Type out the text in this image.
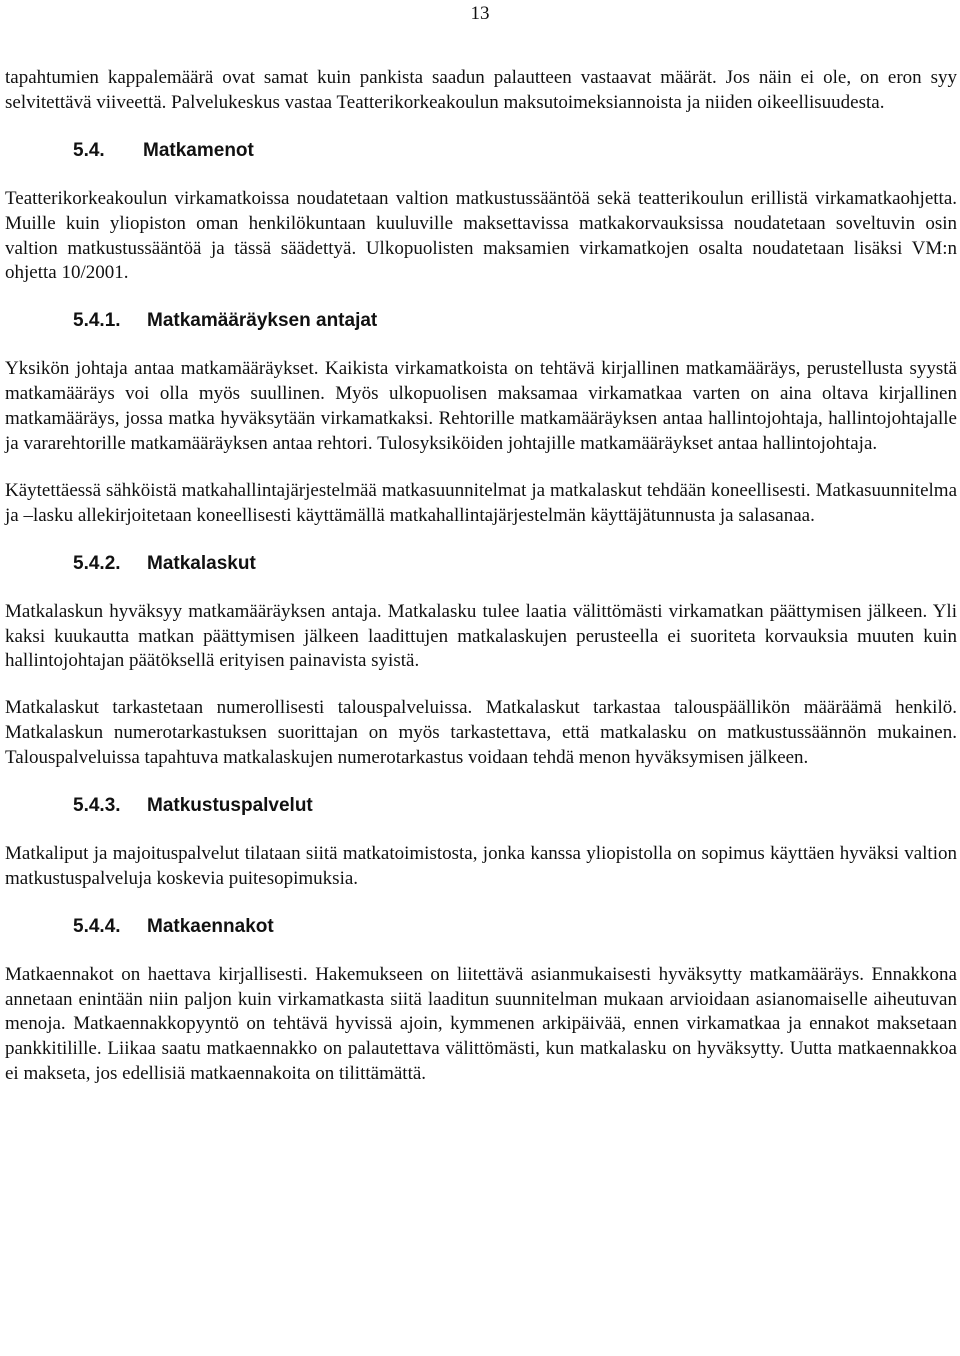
13

tapahtumien kappalemäärä ovat samat kuin pankista saadun palautteen vastaavat määrät. Jos näin ei ole, on eron syy selvitettävä viiveettä. Palvelukeskus vastaa Teatterikorkeakoulun maksutoimeksiannoista ja niiden oikeellisuudesta.

5.4.	Matkamenot

Teatterikorkeakoulun virkamatkoissa noudatetaan valtion matkustussääntöä sekä teatterikoulun erillistä virkamatkaohjetta. Muille kuin yliopiston oman henkilökuntaan kuuluville maksettavissa matkakorvauksissa noudatetaan soveltuvin osin valtion matkustussääntöä ja tässä säädettyä. Ulkopuolisten maksamien virkamatkojen osalta noudatetaan lisäksi VM:n ohjetta 10/2001.

5.4.1.	Matkamääräyksen antajat

Yksikön johtaja antaa matkamääräykset. Kaikista virkamatkoista on tehtävä kirjallinen matkamääräys, perustellusta syystä matkamääräys voi olla myös suullinen. Myös ulkopuolisen maksamaa virkamatkaa varten on aina oltava kirjallinen matkamääräys, jossa matka hyväksytään virkamatkaksi. Rehtorille matkamääräyksen antaa hallintojohtaja, hallintojohtajalle ja vararehtorille matkamääräyksen antaa rehtori. Tulosyksiköiden johtajille matkamääräykset antaa hallintojohtaja.

Käytettäessä sähköistä matkahallintajärjestelmää matkasuunnitelmat ja matkalaskut tehdään koneellisesti. Matkasuunnitelma ja –lasku allekirjoitetaan koneellisesti käyttämällä matkahallintajärjestelmän käyttäjätunnusta ja salasanaa.

5.4.2.	Matkalaskut

Matkalaskun hyväksyy matkamääräyksen antaja. Matkalasku tulee laatia välittömästi virkamatkan päättymisen jälkeen. Yli kaksi kuukautta matkan päättymisen jälkeen laadittujen matkalaskujen perusteella ei suoriteta korvauksia muuten kuin hallintojohtajan päätöksellä erityisen painavista syistä.

Matkalaskut tarkastetaan numerollisesti talouspalveluissa. Matkalaskut tarkastaa talouspäällikön määräämä henkilö. Matkalaskun numerotarkastuksen suorittajan on myös tarkastettava, että matkalasku on matkustussäännön mukainen. Talouspalveluissa tapahtuva matkalaskujen numerotarkastus voidaan tehdä menon hyväksymisen jälkeen.

5.4.3.	Matkustuspalvelut

Matkaliput ja majoituspalvelut tilataan siitä matkatoimistosta, jonka kanssa yliopistolla on sopimus käyttäen hyväksi valtion matkustuspalveluja koskevia puitesopimuksia.

5.4.4.	Matkaennakot

Matkaennakot on haettava kirjallisesti. Hakemukseen on liitettävä asianmukaisesti hyväksytty matkamääräys. Ennakkona annetaan enintään niin paljon kuin virkamatkasta siitä laaditun suunnitelman mukaan arvioidaan asianomaiselle aiheutuvan menoja. Matkaennakkopyyntö on tehtävä hyvissä ajoin, kymmenen arkipäivää, ennen virkamatkaa ja ennakot maksetaan pankkitilille. Liikaa saatu matkaennakko on palautettava välittömästi, kun matkalasku on hyväksytty. Uutta matkaennakkoa ei makseta, jos edellisiä matkaennakoita on tilittämättä.
